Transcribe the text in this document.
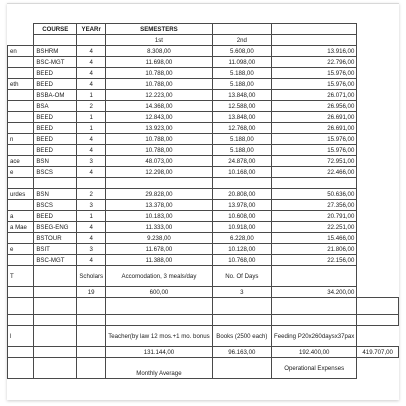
	COURSE	YEARr	SEMESTERS			
			1st	2nd		
en	BSHRM	4	8.308,00	5.608,00	13.916,00	
	BSC-MGT	4	11.698,00	11.098,00	22.796,00	
	BEED	4	10.788,00	5.188,00	15.976,00	
eth	BEED	4	10.788,00	5.188,00	15.976,00	
	BSBA-OM	1	12.223,00	13.848,00	26.071,00	
	BSA	2	14.368,00	12.588,00	26.956,00	
	BEED	1	12.843,00	13.848,00	26.691,00	
	BEED	1	13.923,00	12.768,00	26.691,00	
n	BEED	4	10.788,00	5.188,00	15.976,00	
	BEED	4	10.788,00	5.188,00	15.976,00	
ace	BSN	3	48.073,00	24.878,00	72.951,00	
e	BSCS	4	12.298,00	10.168,00	22.466,00	

urdes	BSN	2	29.828,00	20.808,00	50.636,00	
	BSCS	3	13.378,00	13.978,00	27.356,00	
a	BEED	1	10.183,00	10.608,00	20.791,00	
a Mae	BSEG-ENG	4	11.333,00	10.918,00	22.251,00	
	BSTOUR	4	9.238,00	6.228,00	15.466,00	
e	BSIT	3	11.678,00	10.128,00	21.806,00	
	BSC-MGT	4	11.388,00	10.768,00	22.156,00	
T		Scholars	Accomodation, 3 meals/day	No. Of Days		
		19	600,00	3	34.200,00	

l			Teacher(by law 12 mos.+1 mo. bonus	Books (2500 each)	Feeding P20x260daysx37pax	
			131.144,00	96.163,00	192.400,00	419.707,00
			Monthly Average		Operational Expenses	
